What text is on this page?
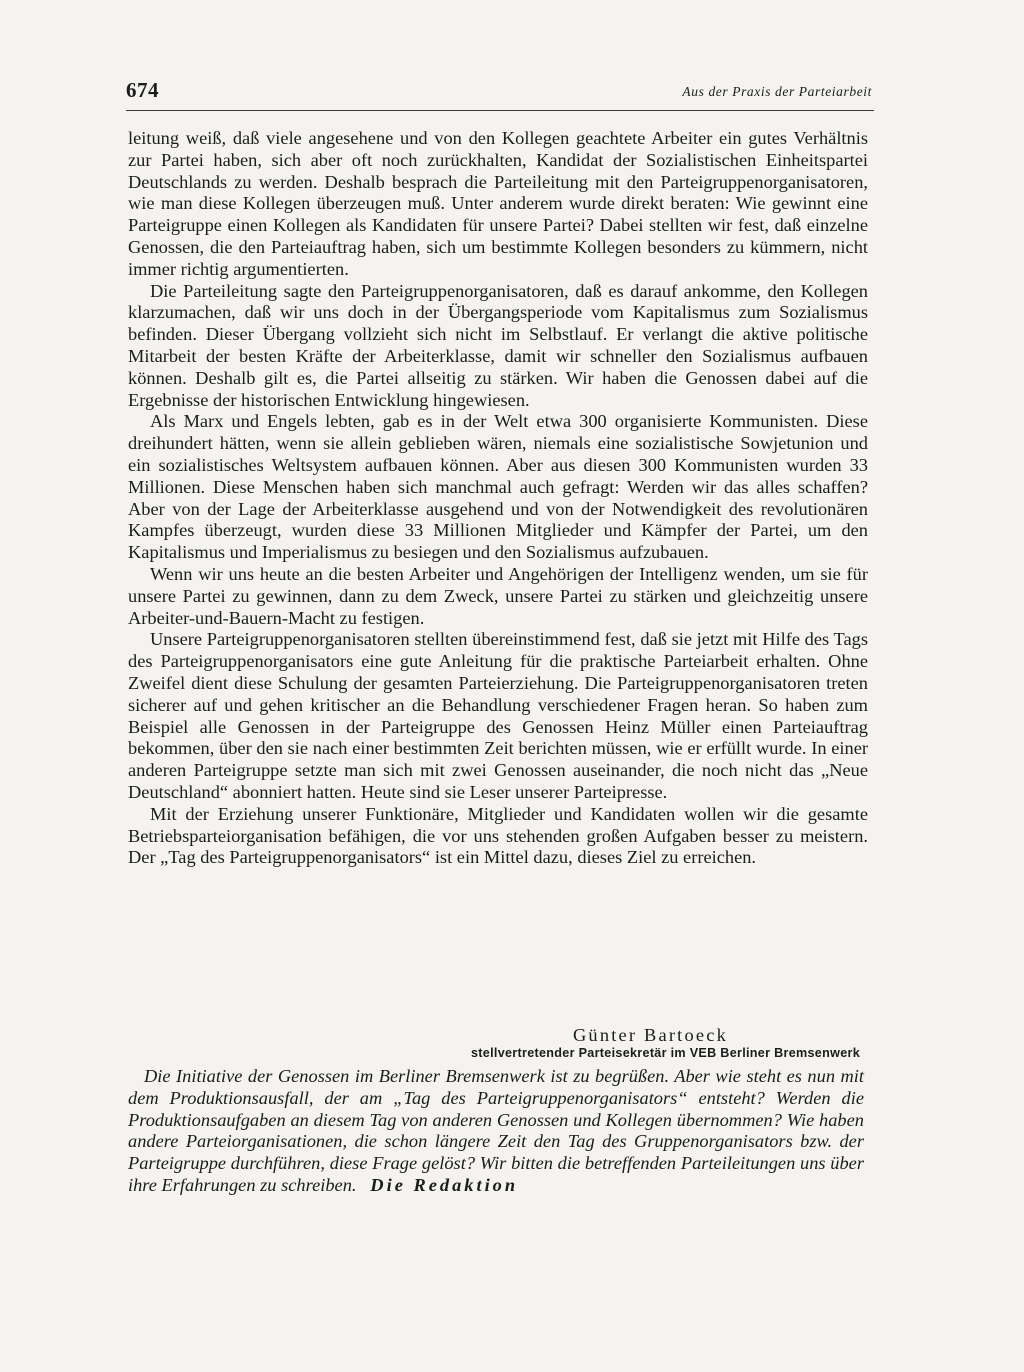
674	Aus der Praxis der Parteiarbeit

leitung weiß, daß viele angesehene und von den Kollegen geachtete Arbeiter ein gutes Verhältnis zur Partei haben, sich aber oft noch zurückhalten, Kandidat der Sozialistischen Einheitspartei Deutschlands zu werden. Deshalb besprach die Parteileitung mit den Parteigruppenorganisatoren, wie man diese Kollegen überzeugen muß. Unter anderem wurde direkt beraten: Wie gewinnt eine Parteigruppe einen Kollegen als Kandidaten für unsere Partei? Dabei stellten wir fest, daß einzelne Genossen, die den Parteiauftrag haben, sich um bestimmte Kollegen besonders zu kümmern, nicht immer richtig argumentierten.

Die Parteileitung sagte den Parteigruppenorganisatoren, daß es darauf ankomme, den Kollegen klarzumachen, daß wir uns doch in der Übergangsperiode vom Kapitalismus zum Sozialismus befinden. Dieser Übergang vollzieht sich nicht im Selbstlauf. Er verlangt die aktive politische Mitarbeit der besten Kräfte der Arbeiterklasse, damit wir schneller den Sozialismus aufbauen können. Deshalb gilt es, die Partei allseitig zu stärken. Wir haben die Genossen dabei auf die Ergebnisse der historischen Entwicklung hingewiesen.

Als Marx und Engels lebten, gab es in der Welt etwa 300 organisierte Kommunisten. Diese dreihundert hätten, wenn sie allein geblieben wären, niemals eine sozialistische Sowjetunion und ein sozialistisches Weltsystem aufbauen können. Aber aus diesen 300 Kommunisten wurden 33 Millionen. Diese Menschen haben sich manchmal auch gefragt: Werden wir das alles schaffen? Aber von der Lage der Arbeiterklasse ausgehend und von der Notwendigkeit des revolutionären Kampfes überzeugt, wurden diese 33 Millionen Mitglieder und Kämpfer der Partei, um den Kapitalismus und Imperialismus zu besiegen und den Sozialismus aufzubauen.

Wenn wir uns heute an die besten Arbeiter und Angehörigen der Intelligenz wenden, um sie für unsere Partei zu gewinnen, dann zu dem Zweck, unsere Partei zu stärken und gleichzeitig unsere Arbeiter-und-Bauern-Macht zu festigen.

Unsere Parteigruppenorganisatoren stellten übereinstimmend fest, daß sie jetzt mit Hilfe des Tags des Parteigruppenorganisators eine gute Anleitung für die praktische Parteiarbeit erhalten. Ohne Zweifel dient diese Schulung der gesamten Parteierziehung. Die Parteigruppenorganisatoren treten sicherer auf und gehen kritischer an die Behandlung verschiedener Fragen heran. So haben zum Beispiel alle Genossen in der Parteigruppe des Genossen Heinz Müller einen Parteiauftrag bekommen, über den sie nach einer bestimmten Zeit berichten müssen, wie er erfüllt wurde. In einer anderen Parteigruppe setzte man sich mit zwei Genossen auseinander, die noch nicht das „Neue Deutschland“ abonniert hatten. Heute sind sie Leser unserer Parteipresse.

Mit der Erziehung unserer Funktionäre, Mitglieder und Kandidaten wollen wir die gesamte Betriebsparteiorganisation befähigen, die vor uns stehenden großen Aufgaben besser zu meistern. Der „Tag des Parteigruppenorganisators“ ist ein Mittel dazu, dieses Ziel zu erreichen.

Günter Bartoeck
stellvertretender Parteisekretär im VEB Berliner Bremsenwerk

Die Initiative der Genossen im Berliner Bremsenwerk ist zu begrüßen. Aber wie steht es nun mit dem Produktionsausfall, der am „Tag des Parteigruppenorganisators“ entsteht? Werden die Produktionsaufgaben an diesem Tag von anderen Genossen und Kollegen übernommen? Wie haben andere Parteiorganisationen, die schon längere Zeit den Tag des Gruppenorganisators bzw. der Parteigruppe durchführen, diese Frage gelöst? Wir bitten die betreffenden Parteileitungen uns über ihre Erfahrungen zu schreiben. Die Redaktion
